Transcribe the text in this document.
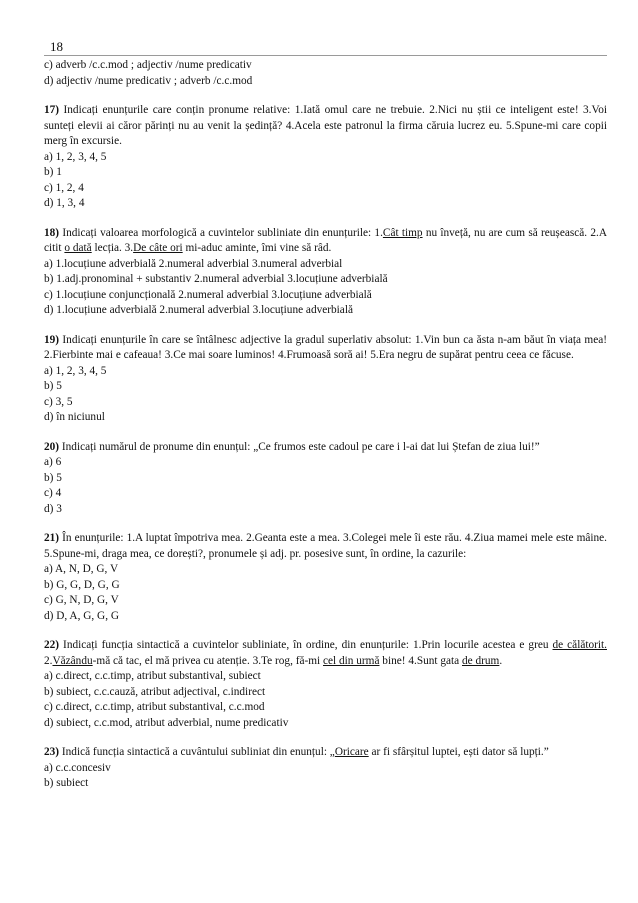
18
c) adverb /c.c.mod ; adjectiv /nume predicativ
d) adjectiv /nume predicativ ; adverb /c.c.mod
17) Indicați enunțurile care conțin pronume relative: 1.Iată omul care ne trebuie. 2.Nici nu știi ce inteligent este! 3.Voi sunteți elevii ai căror părinți nu au venit la ședință? 4.Acela este patronul la firma căruia lucrez eu. 5.Spune-mi care copii merg în excursie.
a) 1, 2, 3, 4, 5
b) 1
c) 1, 2, 4
d) 1, 3, 4
18) Indicați valoarea morfologică a cuvintelor subliniate din enunțurile: 1.Cât timp nu înveță, nu are cum să reușească. 2.A citit o dată lecția. 3.De câte ori mi-aduc aminte, îmi vine să râd.
a) 1.locuțiune adverbială 2.numeral adverbial 3.numeral adverbial
b) 1.adj.pronominal + substantiv 2.numeral adverbial 3.locuțiune adverbială
c) 1.locuțiune conjuncțională 2.numeral adverbial 3.locuțiune adverbială
d) 1.locuțiune adverbială 2.numeral adverbial 3.locuțiune adverbială
19) Indicați enunțurile în care se întâlnesc adjective la gradul superlativ absolut: 1.Vin bun ca ăsta n-am băut în viața mea! 2.Fierbinte mai e cafeaua! 3.Ce mai soare luminos! 4.Frumoasă soră ai! 5.Era negru de supărat pentru ceea ce făcuse.
a) 1, 2, 3, 4, 5
b) 5
c) 3, 5
d) în niciunul
20) Indicați numărul de pronume din enunțul: „Ce frumos este cadoul pe care i l-ai dat lui Ștefan de ziua lui!”
a) 6
b) 5
c) 4
d) 3
21) În enunțurile: 1.A luptat împotriva mea. 2.Geanta este a mea. 3.Colegei mele îi este rău. 4.Ziua mamei mele este mâine. 5.Spune-mi, draga mea, ce dorești?, pronumele și adj. pr. posesive sunt, în ordine, la cazurile:
a) A, N, D, G, V
b) G, G, D, G, G
c) G, N, D, G, V
d) D, A, G, G, G
22) Indicați funcția sintactică a cuvintelor subliniate, în ordine, din enunțurile: 1.Prin locurile acestea e greu de călătorit. 2.Văzându-mă că tac, el mă privea cu atenție. 3.Te rog, fă-mi cel din urmă bine! 4.Sunt gata de drum.
a) c.direct, c.c.timp, atribut substantival, subiect
b) subiect, c.c.cauză, atribut adjectival, c.indirect
c) c.direct, c.c.timp, atribut substantival, c.c.mod
d) subiect, c.c.mod, atribut adverbial, nume predicativ
23) Indică funcția sintactică a cuvântului subliniat din enunțul: „Oricare ar fi sfârșitul luptei, ești dator să lupți.”
a) c.c.concesiv
b) subiect
